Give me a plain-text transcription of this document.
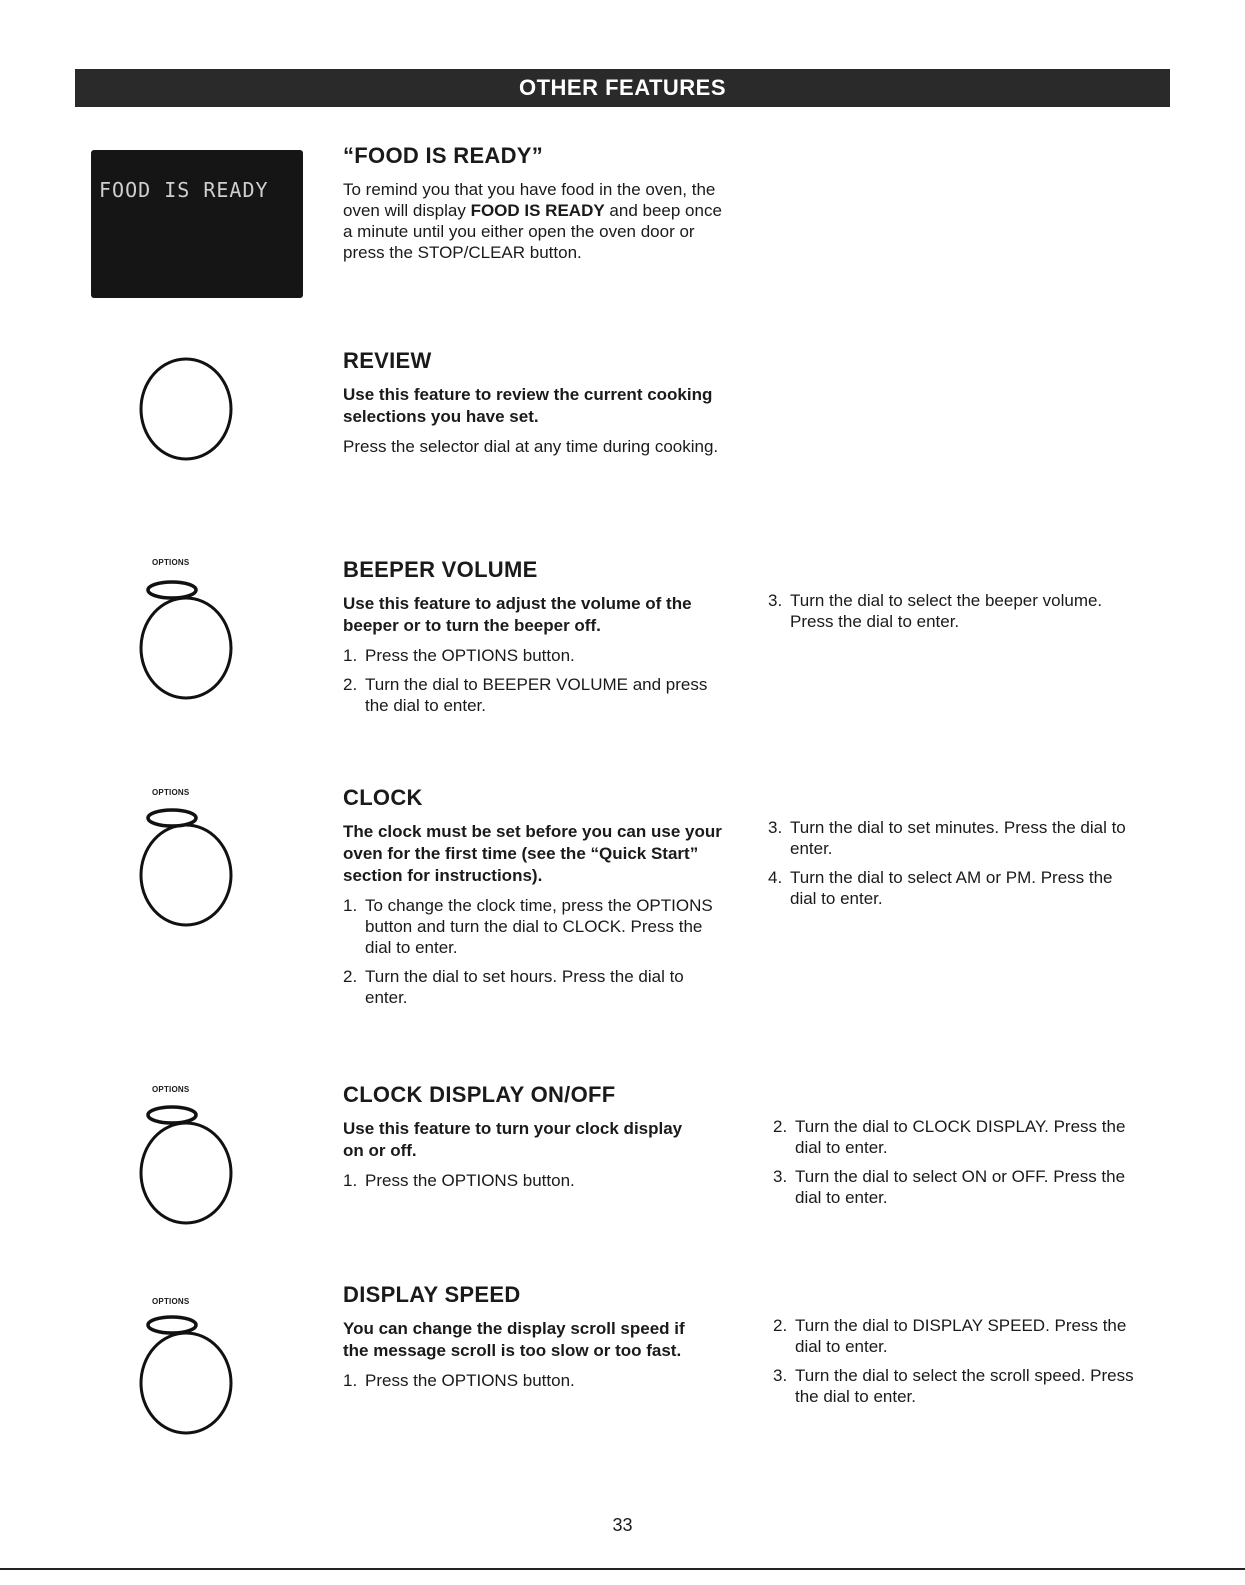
OTHER FEATURES
FOOD IS READY
“FOOD IS READY”
To remind you that you have food in the oven, the oven will display FOOD IS READY and beep once a minute until you either open the oven door or press the STOP/CLEAR button.
REVIEW
Use this feature to review the current cooking selections you have set.
Press the selector dial at any time during cooking.
OPTIONS	BEEPER VOLUME
Use this feature to adjust the volume of the beeper or to turn the beeper off.
1. Press the OPTIONS button.
2. Turn the dial to BEEPER VOLUME and press the dial to enter.
3. Turn the dial to select the beeper volume. Press the dial to enter.
OPTIONS	CLOCK
The clock must be set before you can use your oven for the first time (see the “Quick Start” section for instructions).
1. To change the clock time, press the OPTIONS button and turn the dial to CLOCK. Press the dial to enter.
2. Turn the dial to set hours. Press the dial to enter.
3. Turn the dial to set minutes. Press the dial to enter.
4. Turn the dial to select AM or PM. Press the dial to enter.
OPTIONS	CLOCK DISPLAY ON/OFF
Use this feature to turn your clock display on or off.
1. Press the OPTIONS button.
2. Turn the dial to CLOCK DISPLAY. Press the dial to enter.
3. Turn the dial to select ON or OFF. Press the dial to enter.
OPTIONS	DISPLAY SPEED
You can change the display scroll speed if the message scroll is too slow or too fast.
1. Press the OPTIONS button.
2. Turn the dial to DISPLAY SPEED. Press the dial to enter.
3. Turn the dial to select the scroll speed. Press the dial to enter.
33
